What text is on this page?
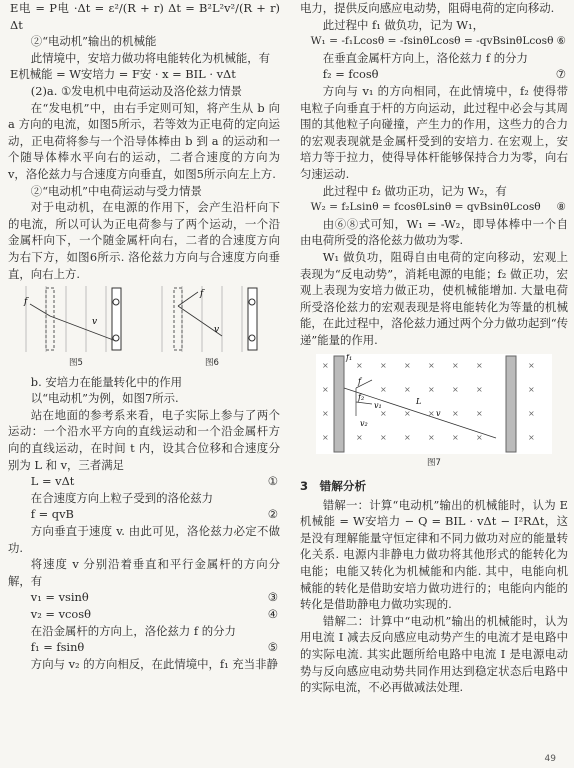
E电 = P电 ·Δt = ε²/(R + r) Δt = B²L²v²/(R + r) Δt

②“电动机”输出的机械能

此情境中，安培力做功将电能转化为机械能，有

E机械能 = W安培力 = F安 · x = BIL · vΔt

(2)a. ①发电机中电荷运动及洛伦兹力情景

在“发电机”中，由右手定则可知，将产生从 b 向 a 方向的电流，如图5所示，若等效为正电荷的定向运动，正电荷将参与一个沿导体棒由 b 到 a 的运动和一个随导体棒水平向右的运动，二者合速度的方向为 v，洛伦兹力与合速度方向垂直，如图5所示向左上方.

②“电动机”中电荷运动与受力情景

对于电动机，在电源的作用下，会产生沿杆向下的电流，所以可认为正电荷参与了两个运动，一个沿金属杆向下，一个随金属杆向右，二者的合速度方向为右下方，如图6所示. 洛伦兹力方向与合速度方向垂直，向右上方.

f
v
图5
f
v
图6

b. 安培力在能量转化中的作用

以“电动机”为例，如图7所示.

站在地面的参考系来看，电子实际上参与了两个运动：一个沿水平方向的直线运动和一个沿金属杆方向的直线运动，在时间 t 内，设其合位移和合速度分别为 L 和 v，三者满足

L = vΔt	①

在合速度方向上粒子受到的洛伦兹力

f = qvB	②

方向垂直于速度 v. 由此可见，洛伦兹力必定不做功.

将速度 v 分别沿着垂直和平行金属杆的方向分解，有

v₁ = vsinθ	③
v₂ = vcosθ	④

在沿金属杆的方向上，洛伦兹力 f 的分力

f₁ = fsinθ	⑤

方向与 v₂ 的方向相反，在此情境中，f₁ 充当非静

电力，提供反向感应电动势，阻碍电荷的定向移动.

此过程中 f₁ 做负功，记为 W₁，

W₁ = -f₁Lcosθ = -fsinθLcosθ = -qvBsinθLcosθ ⑥

在垂直金属杆方向上，洛伦兹力 f 的分力

f₂ = fcosθ	⑦

方向与 v₁ 的方向相同，在此情境中，f₂ 使得带电粒子向垂直于杆的方向运动，此过程中必会与其周围的其他粒子向碰撞，产生力的作用，这些力的合力的宏观表现就是金属杆受到的安培力. 在宏观上，安培力等于拉力，使得导体杆能够保持合力为零，向右匀速运动.

此过程中 f₂ 做功正功，记为 W₂，有

W₂ = f₂Lsinθ = fcosθLsinθ = qvBsinθLcosθ ⑧

由⑥⑧式可知，W₁ = -W₂，即导体棒中一个自由电荷所受的洛伦兹力做功为零.

W₁ 做负功，阻碍自由电荷的定向移动，宏观上表现为“反电动势”，消耗电源的电能；f₂ 做正功，宏观上表现为安培力做正功，使机械能增加. 大量电荷所受洛伦兹力的宏观表现是将电能转化为等量的机械能，在此过程中，洛伦兹力通过两个分力做功起到“传递”能量的作用.

×	× × × × × ×	×
×	× × × × ×	×
×	× × × × ×	×
×	× × × × × ×	×
f₁
f
f₂
v₁
v₂
v
L
图7

3　错解分析

错解一：计算“电动机”输出的机械能时，认为 E机械能 = W安培力 − Q = BIL · vΔt − I²RΔt，这是没有理解能量守恒定律和不同力做功对应的能量转化关系. 电源内非静电力做功将其他形式的能转化为电能；电能又转化为机械能和内能. 其中，电能向机械能的转化是借助安培力做功进行的；电能向内能的转化是借助静电力做功实现的.

错解二：计算中“电动机”输出的机械能时，认为用电流 I 减去反向感应电动势产生的电流才是电路中的实际电流. 其实此题所给电路中电流 I 是电源电动势与反向感应电动势共同作用达到稳定状态后电路中的实际电流，不必再做减法处理.

49
